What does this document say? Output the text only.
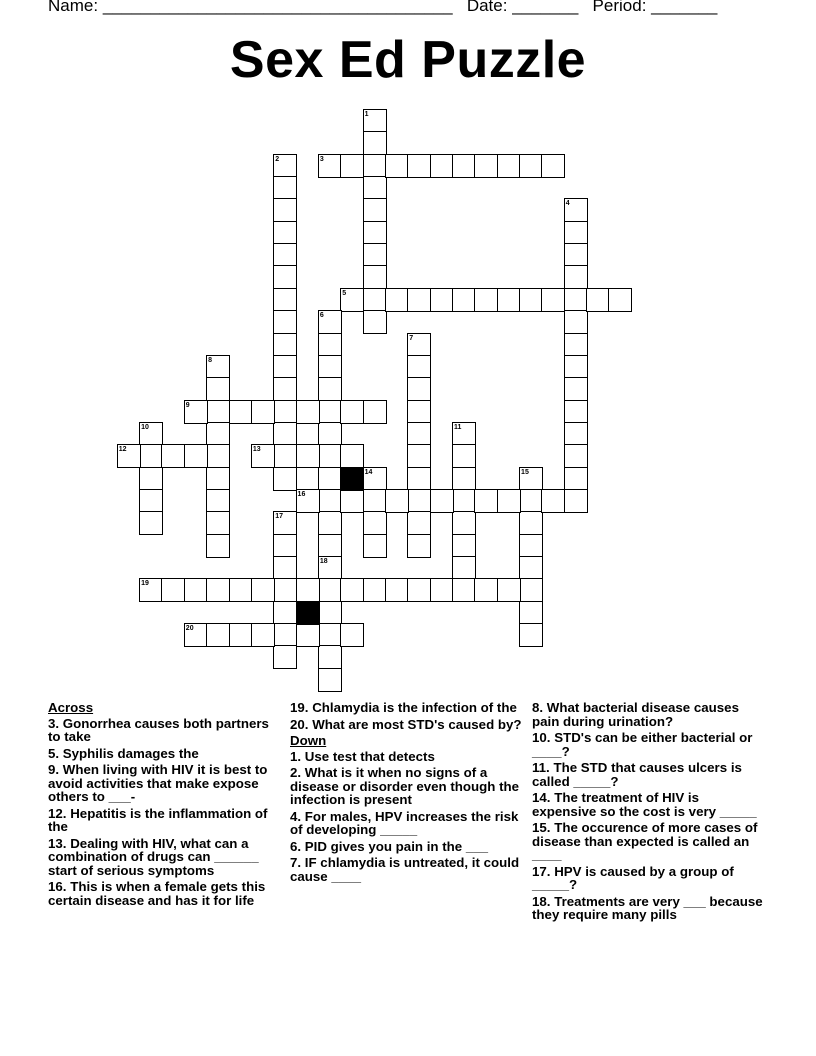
Name: _____________________________________ Date: _______ Period: _______
Sex Ed Puzzle
1
2	3
4
5
6
7
8
9
10	11
12	13
14	15
16
17
18
19
20
Across
3. Gonorrhea causes both partners to take
5. Syphilis damages the
9. When living with HIV it is best to avoid activities that make expose others to ___-
12. Hepatitis is the inflammation of the
13. Dealing with HIV, what can a combination of drugs can ______ start of serious symptoms
16. This is when a female gets this certain disease and has it for life
19. Chlamydia is the infection of the
20. What are most STD's caused by?
Down
1. Use test that detects
2. What is it when no signs of a disease or disorder even though the infection is present
4. For males, HPV increases the risk of developing _____
6. PID gives you pain in the ___
7. IF chlamydia is untreated, it could cause ____
8. What bacterial disease causes pain during urination?
10. STD's can be either bacterial or ____?
11. The STD that causes ulcers is called _____?
14. The treatment of HIV is expensive so the cost is very _____
15. The occurence of more cases of disease than expected is called an ____
17. HPV is caused by a group of _____?
18. Treatments are very ___ because they require many pills
